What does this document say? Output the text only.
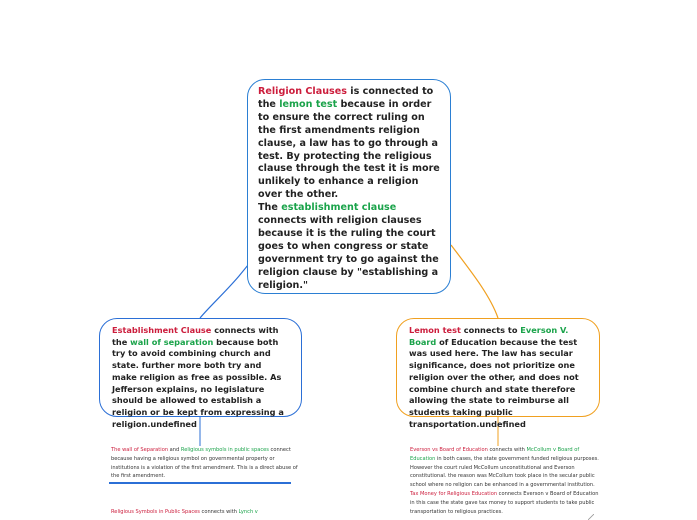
Religion Clauses is connected to the lemon test because in order to ensure the correct ruling on the first amendments religion clause, a law has to go through a test. By protecting the religious clause through the test it is more unlikely to enhance a religion over the other.
The establishment clause connects with religion clauses because it is the ruling the court goes to when congress or state government try to go against the religion clause by "establishing a religion."
Establishment Clause connects with the wall of separation because both try to avoid combining church and state. further more both try and make religion as free as possible. As Jefferson explains, no legislature should be allowed to establish a religion or be kept from expressing a religion.undefined
Lemon test connects to Everson V. Board of Education because the test was used here. The law has secular significance, does not prioritize one religion over the other, and does not combine church and state therefore allowing the state to reimburse all students taking public transportation.undefined
The wall of Separation and Religious symbols in public spaces connect because having a religious symbol on governmental property or institutions is a violation of the first amendment. This is a direct abuse of the first amendment.
Religious Symbols in Public Spaces connects with Lynch v
Everson vs Board of Education connects with McCollum v Board of Education in both cases, the state government funded religious purposes. However the court ruled McCollum unconstitutional and Everson constitutional. the reason was McCollum took place in the secular public school where no religion can be enhanced in a governmental institution.
Tax Money for Religious Education connects Everson v Board of Education in this case the state gave tax money to support students to take public transportation to religious practices.
